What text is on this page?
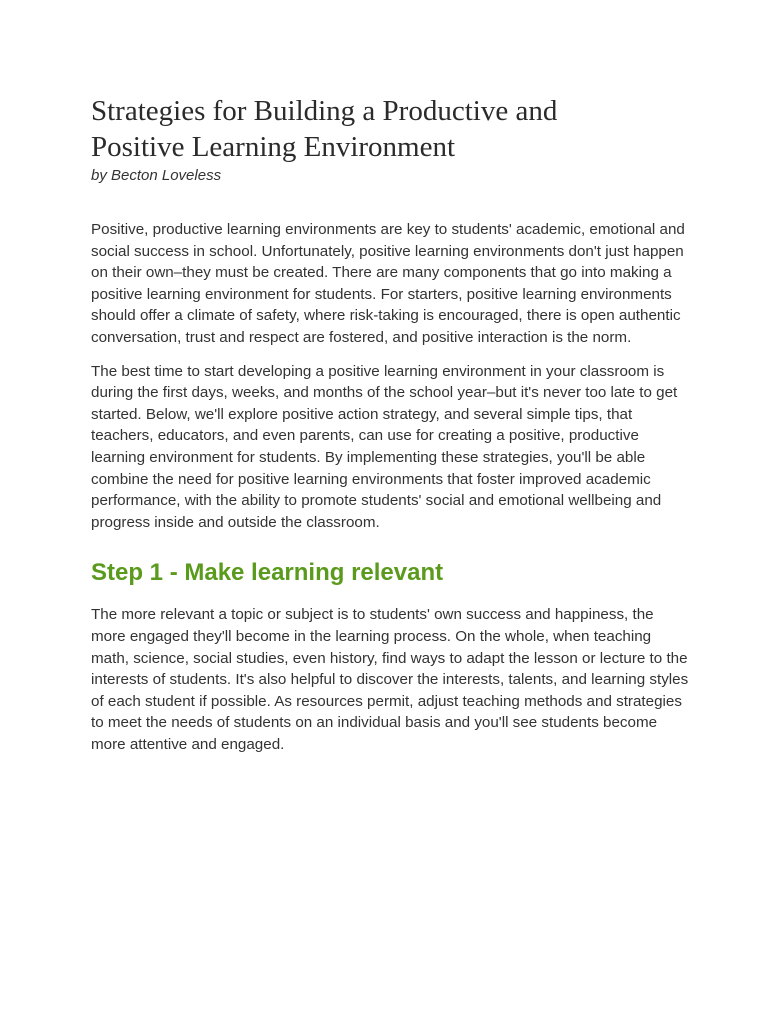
Strategies for Building a Productive and Positive Learning Environment
by Becton Loveless

Positive, productive learning environments are key to students' academic, emotional and social success in school. Unfortunately, positive learning environments don't just happen on their own–they must be created. There are many components that go into making a positive learning environment for students. For starters, positive learning environments should offer a climate of safety, where risk-taking is encouraged, there is open authentic conversation, trust and respect are fostered, and positive interaction is the norm.

The best time to start developing a positive learning environment in your classroom is during the first days, weeks, and months of the school year–but it's never too late to get started. Below, we'll explore positive action strategy, and several simple tips, that teachers, educators, and even parents, can use for creating a positive, productive learning environment for students. By implementing these strategies, you'll be able combine the need for positive learning environments that foster improved academic performance, with the ability to promote students' social and emotional wellbeing and progress inside and outside the classroom.

Step 1 - Make learning relevant

The more relevant a topic or subject is to students' own success and happiness, the more engaged they'll become in the learning process. On the whole, when teaching math, science, social studies, even history, find ways to adapt the lesson or lecture to the interests of students. It's also helpful to discover the interests, talents, and learning styles of each student if possible. As resources permit, adjust teaching methods and strategies to meet the needs of students on an individual basis and you'll see students become more attentive and engaged.
